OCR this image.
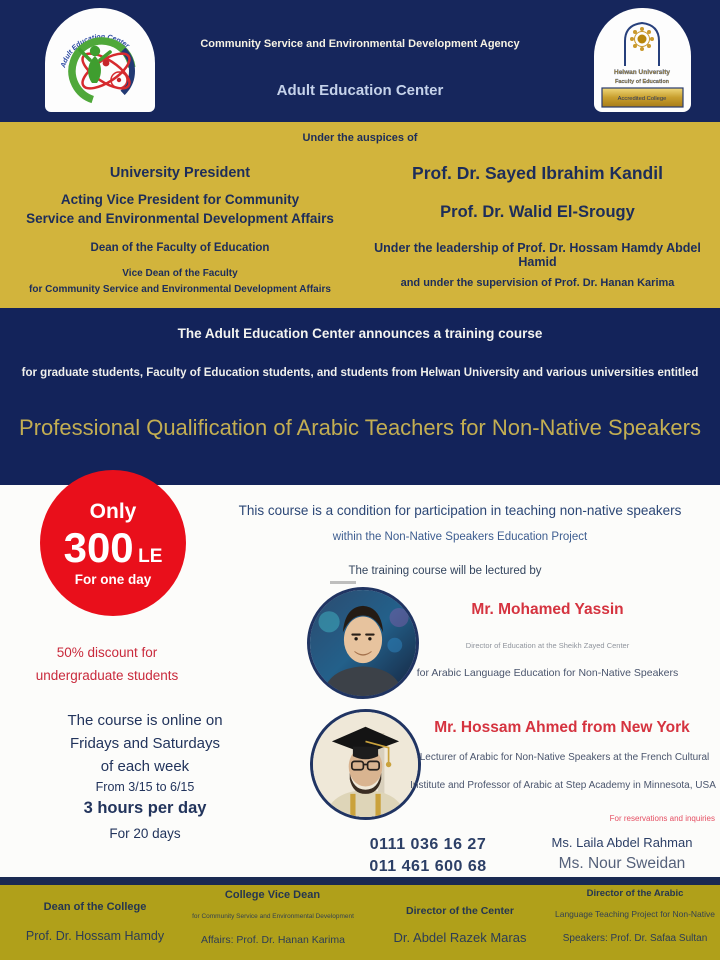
Adult Education Center
Helwan University
Faculty of Education
Accredited College
Community Service and Environmental Development Agency
Adult Education Center
Under the auspices of
University President
Acting Vice President for Community
Service and Environmental Development Affairs
Dean of the Faculty of Education
Vice Dean of the Faculty
for Community Service and Environmental Development Affairs
Prof. Dr. Sayed Ibrahim Kandil
Prof. Dr. Walid El-Srougy
Under the leadership of Prof. Dr. Hossam Hamdy Abdel Hamid
and under the supervision of Prof. Dr. Hanan Karima
The Adult Education Center announces a training course
for graduate students, Faculty of Education students, and students from Helwan University and various universities entitled
Professional Qualification of Arabic Teachers for Non-Native Speakers
Only
300 LE
For one day
This course is a condition for participation in teaching non-native speakers
within the Non-Native Speakers Education Project
The training course will be lectured by
Mr. Mohamed Yassin
Director of Education at the Sheikh Zayed Center
for Arabic Language Education for Non-Native Speakers
50% discount for
undergraduate students
Mr. Hossam Ahmed from New York
Lecturer of Arabic for Non-Native Speakers at the French Cultural
Institute and Professor of Arabic at Step Academy in Minnesota, USA
The course is online on
Fridays and Saturdays
of each week
From 3/15 to 6/15
3 hours per day
For 20 days
For reservations and inquiries
0111 036 16 27
011 461 600 68
Ms. Laila Abdel Rahman
Ms. Nour Sweidan
Dean of the College
Prof. Dr. Hossam Hamdy
College Vice Dean
for Community Service and Environmental Development
Affairs: Prof. Dr. Hanan Karima
Director of the Center
Dr. Abdel Razek Maras
Director of the Arabic
Language Teaching Project for Non-Native
Speakers: Prof. Dr. Safaa Sultan
